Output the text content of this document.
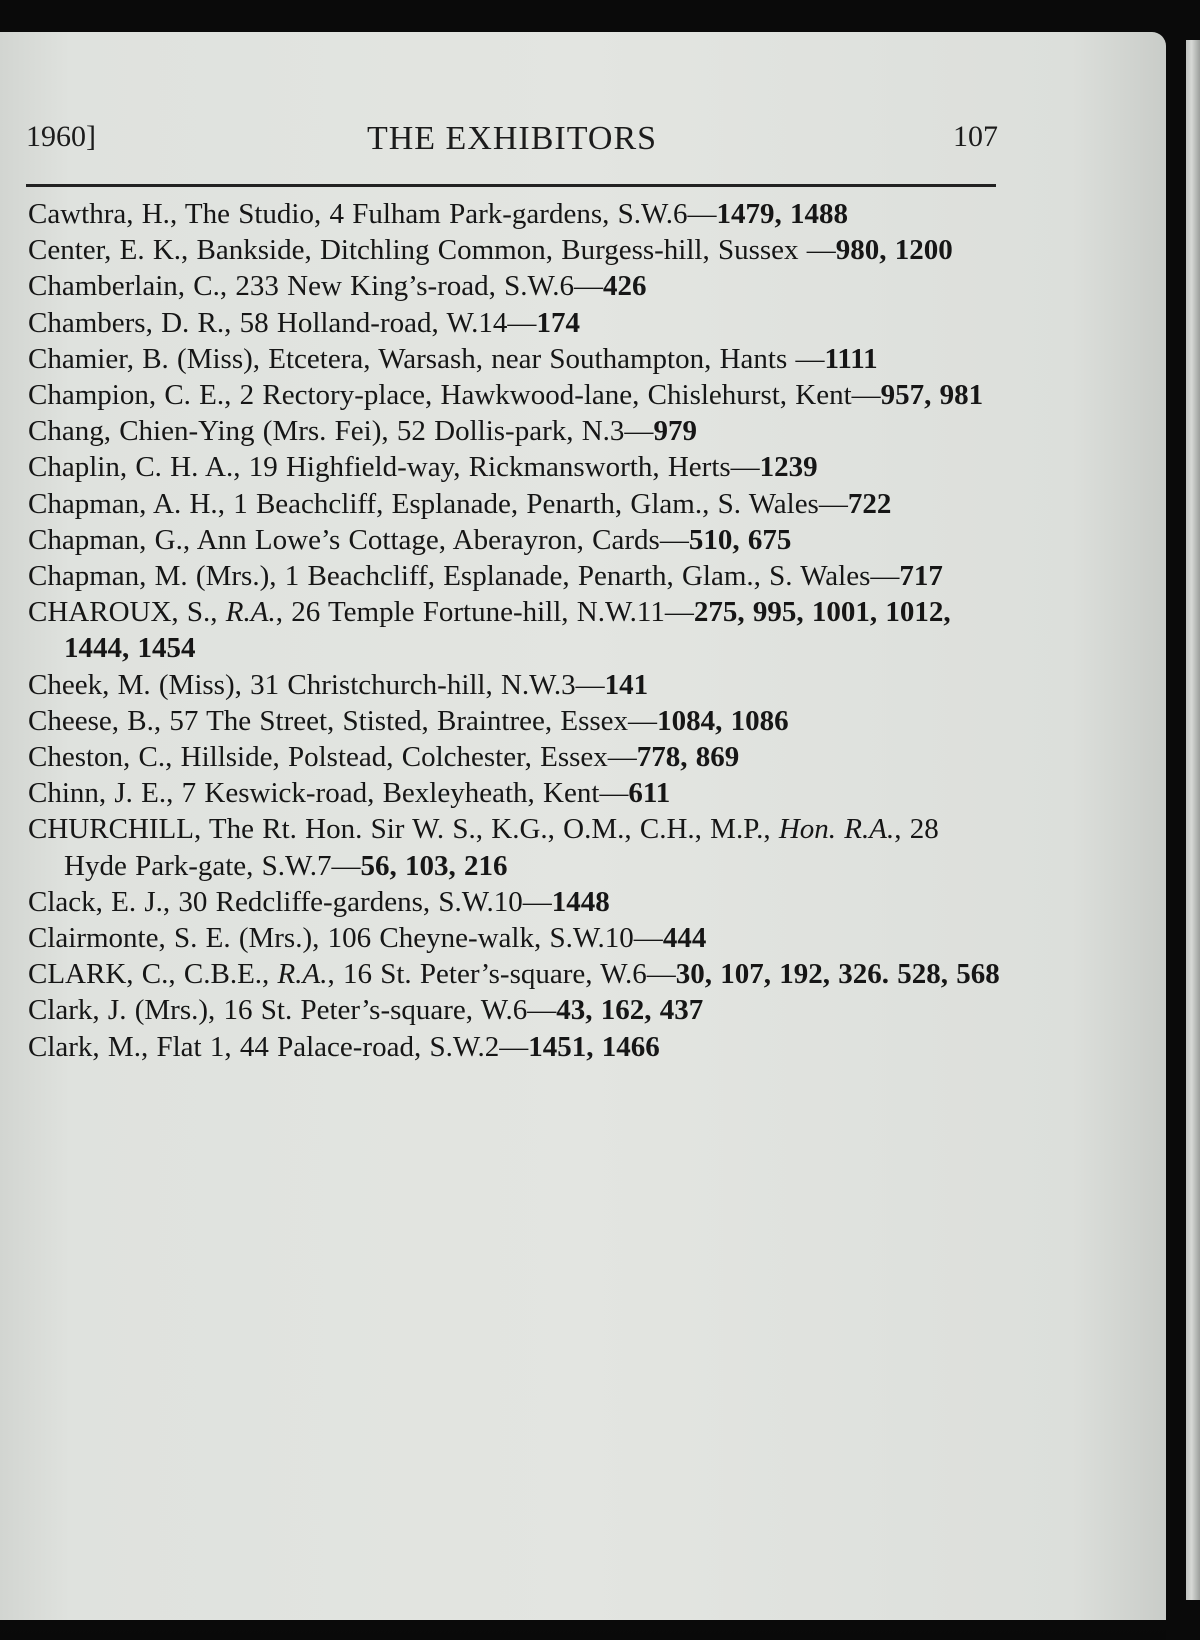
1960]	THE EXHIBITORS	107
Cawthra, H., The Studio, 4 Fulham Park-gardens, S.W.6—1479, 1488
Center, E. K., Bankside, Ditchling Common, Burgess-hill, Sussex —980, 1200
Chamberlain, C., 233 New King’s-road, S.W.6—426
Chambers, D. R., 58 Holland-road, W.14—174
Chamier, B. (Miss), Etcetera, Warsash, near Southampton, Hants —1111
Champion, C. E., 2 Rectory-place, Hawkwood-lane, Chislehurst, Kent—957, 981
Chang, Chien-Ying (Mrs. Fei), 52 Dollis-park, N.3—979
Chaplin, C. H. A., 19 Highfield-way, Rickmansworth, Herts—1239
Chapman, A. H., 1 Beachcliff, Esplanade, Penarth, Glam., S. Wales—722
Chapman, G., Ann Lowe’s Cottage, Aberayron, Cards—510, 675
Chapman, M. (Mrs.), 1 Beachcliff, Esplanade, Penarth, Glam., S. Wales—717
CHAROUX, S., R.A., 26 Temple Fortune-hill, N.W.11—275, 995, 1001, 1012, 1444, 1454
Cheek, M. (Miss), 31 Christchurch-hill, N.W.3—141
Cheese, B., 57 The Street, Stisted, Braintree, Essex—1084, 1086
Cheston, C., Hillside, Polstead, Colchester, Essex—778, 869
Chinn, J. E., 7 Keswick-road, Bexleyheath, Kent—611
CHURCHILL, The Rt. Hon. Sir W. S., K.G., O.M., C.H., M.P., Hon. R.A., 28 Hyde Park-gate, S.W.7—56, 103, 216
Clack, E. J., 30 Redcliffe-gardens, S.W.10—1448
Clairmonte, S. E. (Mrs.), 106 Cheyne-walk, S.W.10—444
CLARK, C., C.B.E., R.A., 16 St. Peter’s-square, W.6—30, 107, 192, 326. 528, 568
Clark, J. (Mrs.), 16 St. Peter’s-square, W.6—43, 162, 437
Clark, M., Flat 1, 44 Palace-road, S.W.2—1451, 1466
